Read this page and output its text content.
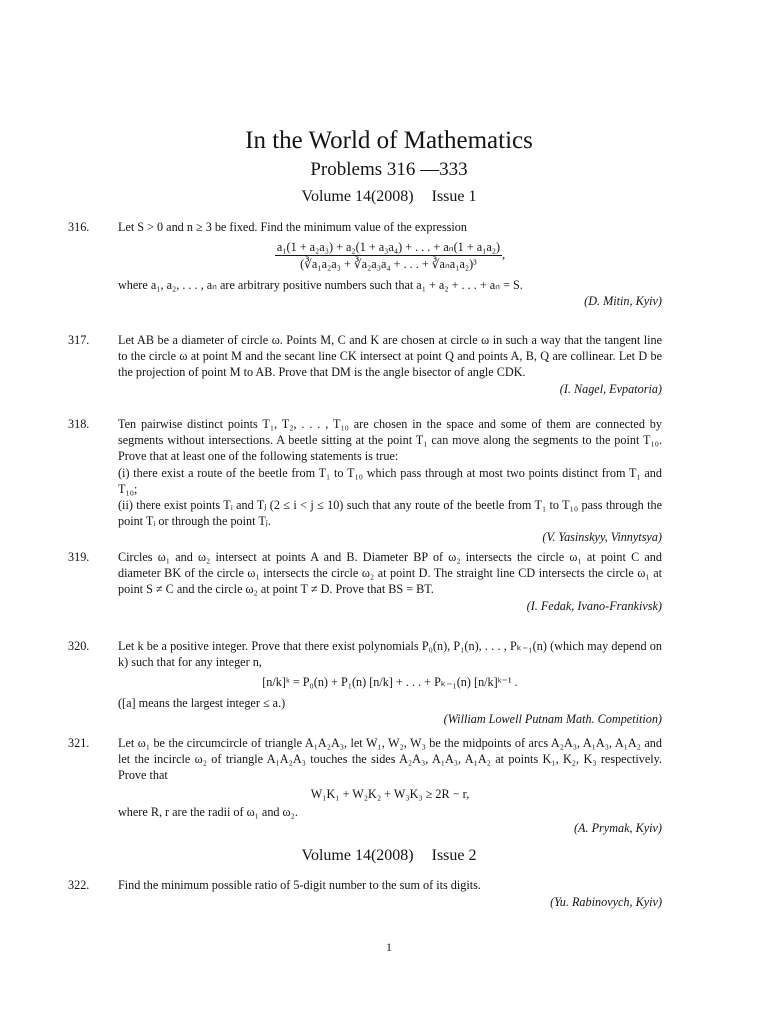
In the World of Mathematics
Problems 316 —333
Volume 14(2008) Issue 1
316.	Let S > 0 and n ≥ 3 be fixed. Find the minimum value of the expression

$\frac{\text{a₁(1 + a₂a₃) + a₂(1 + a₃a₄) + . . . + aₙ(1 + a₁a₂)}}{\text{(∛a₁a₂a₃ + ∛a₂a₃a₄ + . . . + ∛aₙa₁a₂)³}}$ ,

where a₁, a₂, . . . , aₙ are arbitrary positive numbers such that a₁ + a₂ + . . . + aₙ = S.

(D. Mitin, Kyiv)

317.	Let AB be a diameter of circle ω. Points M, C and K are chosen at circle ω in such a way that the tangent line to the circle ω at point M and the secant line CK intersect at point Q and points A, B, Q are collinear. Let D be the projection of point M to AB. Prove that DM is the angle bisector of angle CDK.

(I. Nagel, Evpatoria)

318.	Ten pairwise distinct points T₁, T₂, . . . , T₁₀ are chosen in the space and some of them are connected by segments without intersections. A beetle sitting at the point T₁ can move along the segments to the point T₁₀. Prove that at least one of the following statements is true:

(i) there exist a route of the beetle from T₁ to T₁₀ which pass through at most two points distinct from T₁ and T₁₀;

(ii) there exist points Tᵢ and Tⱼ (2 ≤ i < j ≤ 10) such that any route of the beetle from T₁ to T₁₀ pass through the point Tᵢ or through the point Tⱼ.

(V. Yasinskyy, Vinnytsya)

319.	Circles ω₁ and ω₂ intersect at points A and B. Diameter BP of ω₂ intersects the circle ω₁ at point C and diameter BK of the circle ω₁ intersects the circle ω₂ at point D. The straight line CD intersects the circle ω₁ at point S ≠ C and the circle ω₂ at point T ≠ D. Prove that BS = BT.

(I. Fedak, Ivano-Frankivsk)

320.	Let k be a positive integer. Prove that there exist polynomials P₀(n), P₁(n), . . . , Pₖ₋₁(n) (which may depend on k) such that for any integer n,

[n/k]ᵏ = P₀(n) + P₁(n) [n/k] + . . . + Pₖ₋₁(n) [n/k]ᵏ⁻¹ .

([a] means the largest integer ≤ a.)

(William Lowell Putnam Math. Competition)

321.	Let ω₁ be the circumcircle of triangle A₁A₂A₃, let W₁, W₂, W₃ be the midpoints of arcs A₂A₃, A₁A₃, A₁A₂ and let the incircle ω₂ of triangle A₁A₂A₃ touches the sides A₂A₃, A₁A₃, A₁A₂ at points K₁, K₂, K₃ respectively. Prove that

W₁K₁ + W₂K₂ + W₃K₃ ≥ 2R − r,

where R, r are the radii of ω₁ and ω₂.

(A. Prymak, Kyiv)

Volume 14(2008) Issue 2
322.	Find the minimum possible ratio of 5-digit number to the sum of its digits.

(Yu. Rabinovych, Kyiv)

1
